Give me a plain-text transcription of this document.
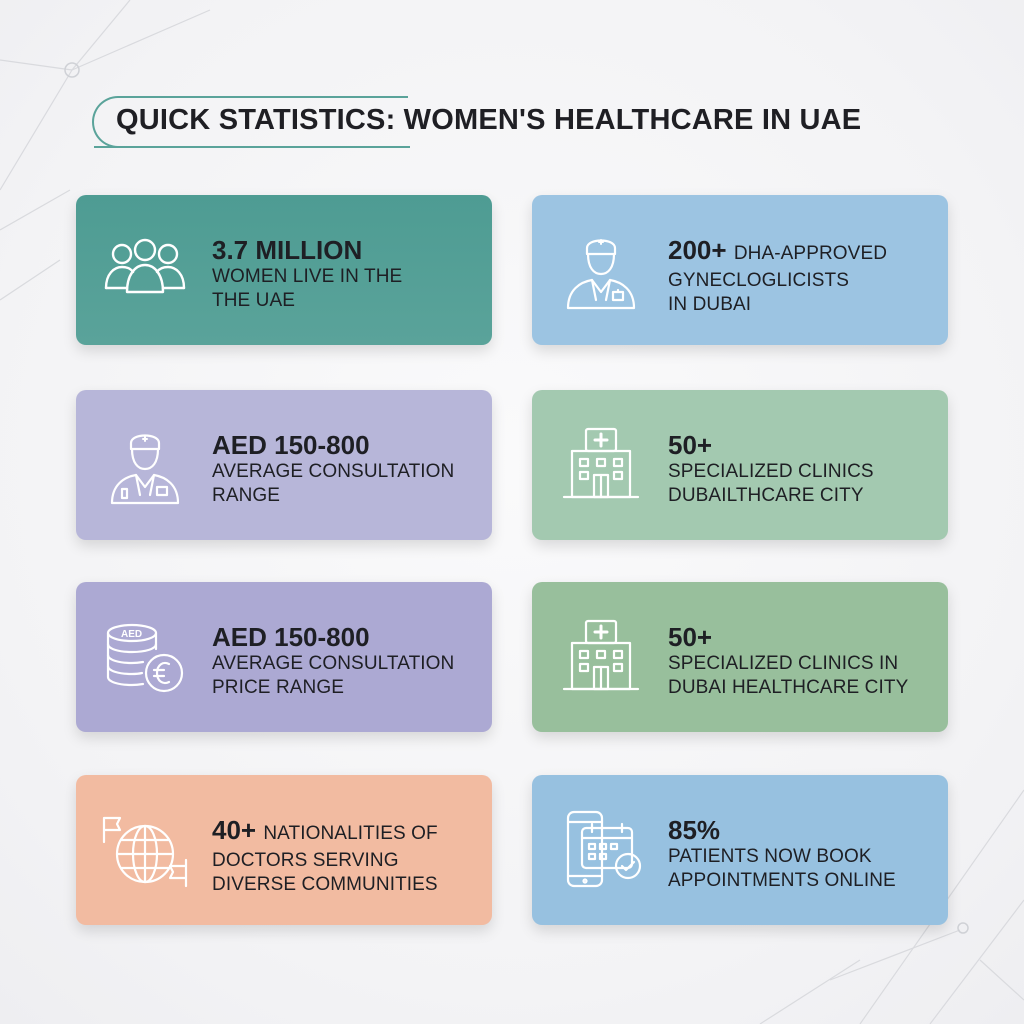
QUICK STATISTICS: WOMEN'S HEALTHCARE IN UAE
3.7 MILLION
WOMEN LIVE IN THE
THE UAE
200+ DHA-APPROVED
GYNECLOGLICISTS
IN DUBAI
AED 150-800
AVERAGE CONSULTATION
RANGE
50+
SPECIALIZED CLINICS
DUBAILTHCARE CITY
AED	AED 150-800
AVERAGE CONSULTATION
PRICE RANGE
50+
SPECIALIZED CLINICS IN
DUBAI HEALTHCARE CITY
40+ NATIONALITIES OF
DOCTORS SERVING
DIVERSE COMMUNITIES
85%
PATIENTS NOW BOOK
APPOINTMENTS ONLINE
